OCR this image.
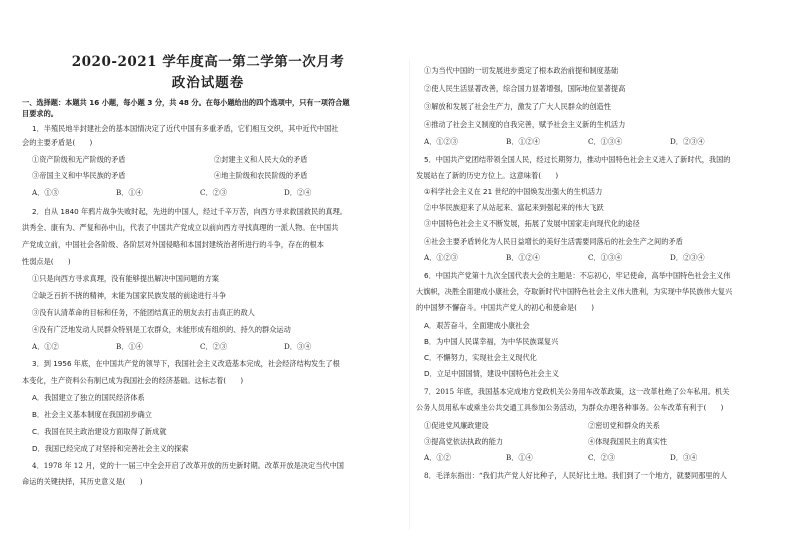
2020-2021 学年度高一第二学第一次月考
政治试题卷
一、选择题：本题共 16 小题，每小题 3 分，共 48 分。在每小题给出的四个选项中，只有一项符合题
目要求的。
1．半殖民地半封建社会的基本国情决定了近代中国有多重矛盾，它们相互交织，其中近代中国社
会的主要矛盾是(　　)
①资产阶级和无产阶级的矛盾	②封建主义和人民大众的矛盾
③帝国主义和中华民族的矛盾	④地主阶级和农民阶级的矛盾
A．①③	B．①④	C．②③	D．②④
2．自从 1840 年鸦片战争失败时起，先进的中国人，经过千辛万苦，向西方寻求救国救民的真理。
洪秀全、康有为、严复和孙中山，代表了中国共产党成立以前向西方寻找真理的一派人物。在中国共
产党成立前，中国社会各阶级、各阶层对外国侵略和本国封建统治者所进行的斗争，存在的根本
性弱点是(　　)
①只是向西方寻求真理，没有能够提出解决中国问题的方案
②缺乏百折不挠的精神，未能为国家民族发展的前途进行斗争
③没有认清革命的目标和任务，不能团结真正的朋友去打击真正的敌人
④没有广泛地发动人民群众特别是工农群众，未能形成有组织的、持久的群众运动
A．①②	B．①④	C．②③	D．③④
3．到 1956 年底，在中国共产党的领导下，我国社会主义改造基本完成，社会经济结构发生了根
本变化，生产资料公有制已成为我国社会的经济基础。这标志着(　　)
A．我国建立了独立的国民经济体系
B．社会主义基本制度在我国初步确立
C．我国在民主政治建设方面取得了新成就
D．我国已经完成了对坚持和完善社会主义的探索
4．1978 年 12 月，党的十一届三中全会开启了改革开放的历史新时期。改革开放是决定当代中国
命运的关键抉择，其历史意义是(　　)
①为当代中国的一切发展进步奠定了根本政治前提和制度基础
②使人民生活显著改善，综合国力显著增强，国际地位显著提高
③解放和发展了社会生产力，激发了广大人民群众的创造性
④推动了社会主义制度的自我完善，赋予社会主义新的生机活力
A．①②③	B．①②④	C．①③④	D．②③④
5．中国共产党团结带领全国人民，经过长期努力，推动中国特色社会主义进入了新时代，我国的
发展站在了新的历史方位上。这意味着(　　)
①科学社会主义在 21 世纪的中国焕发出强大的生机活力
②中华民族迎来了从站起来、富起来到强起来的伟大飞跃
③中国特色社会主义不断发展，拓展了发展中国家走向现代化的途径
④社会主要矛盾转化为人民日益增长的美好生活需要同落后的社会生产之间的矛盾
A．①②③	B．①②④	C．①③④	D．②③④
6．中国共产党第十九次全国代表大会的主题是：不忘初心，牢记使命，高举中国特色社会主义伟
大旗帜，决胜全面建成小康社会，夺取新时代中国特色社会主义伟大胜利，为实现中华民族伟大复兴
的中国梦不懈奋斗。中国共产党人的初心和使命是(　　)
A．艰苦奋斗，全面建成小康社会
B．为中国人民谋幸福，为中华民族谋复兴
C．不懈努力，实现社会主义现代化
D．立足中国国情，建设中国特色社会主义
7．2015 年底，我国基本完成地方党政机关公务用车改革政策，这一改革杜绝了公车私用。机关
公务人员用私车或乘坐公共交通工具参加公务活动，为群众办理各种事务。公车改革有利于(　　)
①促进党风廉政建设	②密切党和群众的关系
③提高党依法执政的能力	④体现我国民主的真实性
A．①②	B．①④	C．②③	D．③④
8．毛泽东指出：“我们共产党人好比种子，人民好比土地。我们到了一个地方，就要同那里的人
